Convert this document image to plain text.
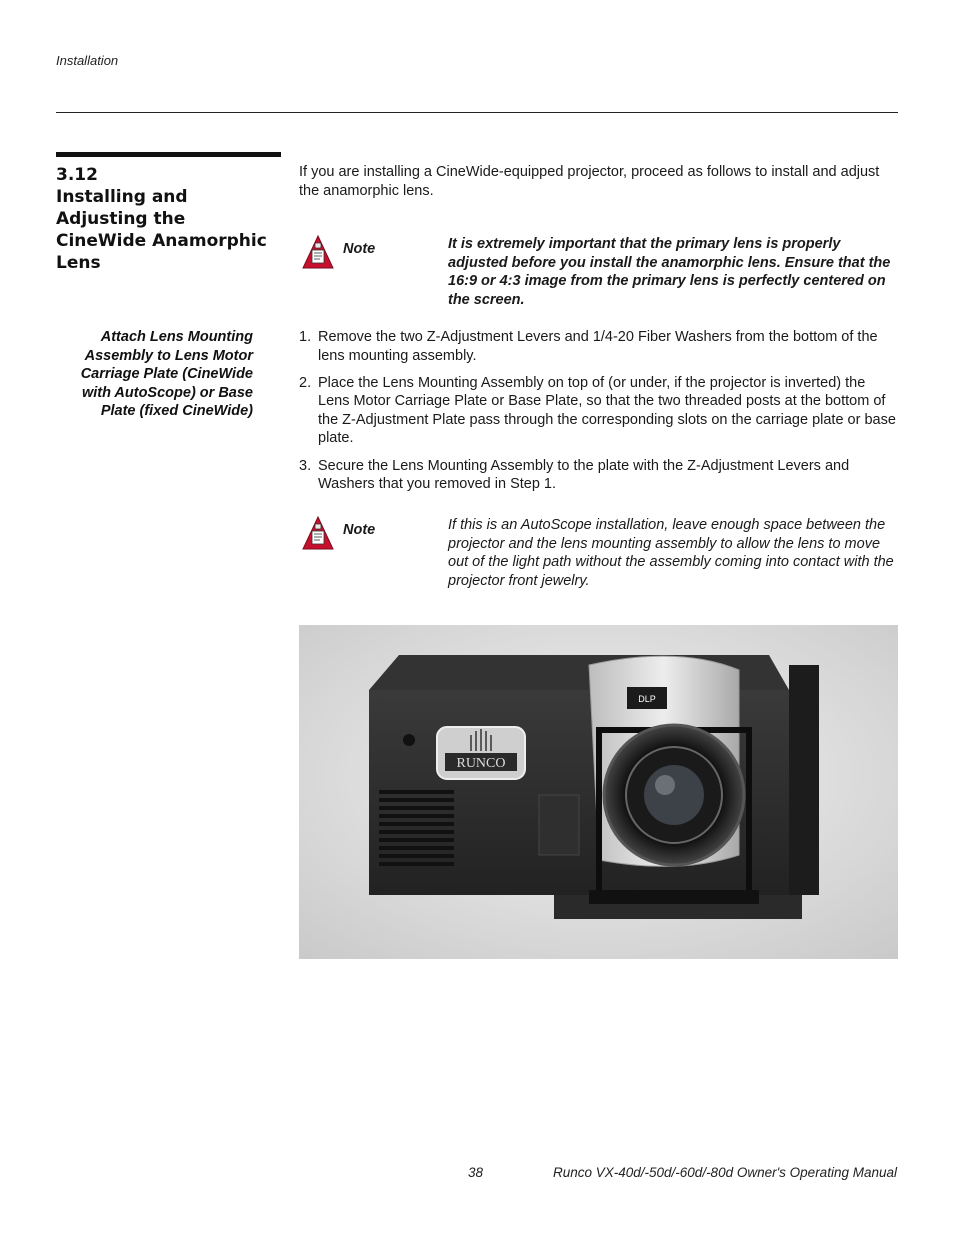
Installation
3.12
Installing and
Adjusting the
CineWide Anamorphic
Lens

If you are installing a CineWide-equipped projector, proceed as follows to install and adjust the anamorphic lens.

Note	It is extremely important that the primary lens is properly adjusted before you install the anamorphic lens. Ensure that the 16:9 or 4:3 image from the primary lens is perfectly centered on the screen.

Attach Lens Mounting Assembly to Lens Motor Carriage Plate (CineWide with AutoScope) or Base Plate (fixed CineWide)
1. Remove the two Z-Adjustment Levers and 1/4-20 Fiber Washers from the bottom of the lens mounting assembly.
2. Place the Lens Mounting Assembly on top of (or under, if the projector is inverted) the Lens Motor Carriage Plate or Base Plate, so that the two threaded posts at the bottom of the Z-Adjustment Plate pass through the corresponding slots on the carriage plate or base plate.
3. Secure the Lens Mounting Assembly to the plate with the Z-Adjustment Levers and Washers that you removed in Step 1.
Note	If this is an AutoScope installation, leave enough space between the projector and the lens mounting assembly to allow the lens to move out of the light path without the assembly coming into contact with the projector front jewelry.

RUNCO
DLP
38	Runco VX-40d/-50d/-60d/-80d Owner's Operating Manual
